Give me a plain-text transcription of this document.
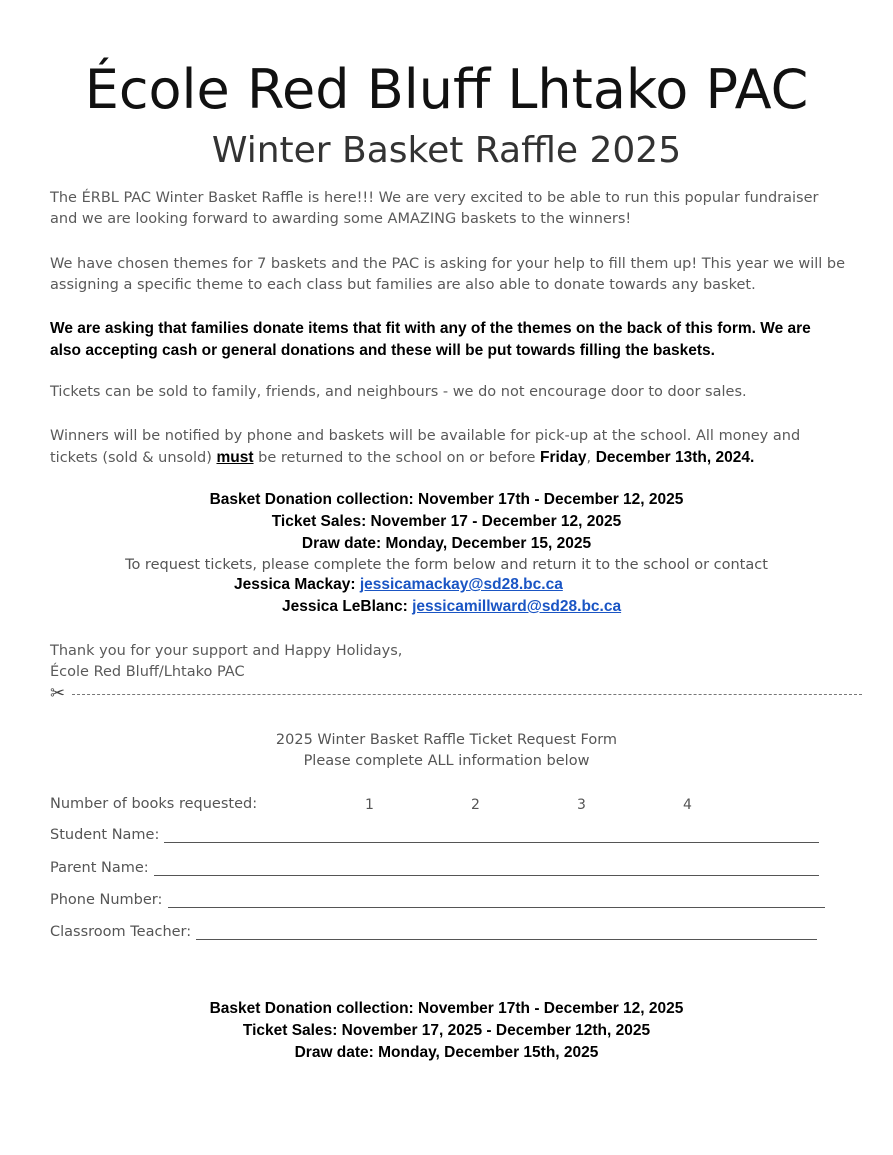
École Red Bluff Lhtako PAC
Winter Basket Raffle 2025

The ÉRBL PAC Winter Basket Raffle is here!!! We are very excited to be able to run this popular fundraiser and we are looking forward to awarding some AMAZING baskets to the winners!

We have chosen themes for 7 baskets and the PAC is asking for your help to fill them up! This year we will be assigning a specific theme to each class but families are also able to donate towards any basket.

We are asking that families donate items that fit with any of the themes on the back of this form. We are also accepting cash or general donations and these will be put towards filling the baskets.

Tickets can be sold to family, friends, and neighbours - we do not encourage door to door sales.

Winners will be notified by phone and baskets will be available for pick-up at the school. All money and tickets (sold & unsold) must be returned to the school on or before Friday, December 13th, 2024.

Basket Donation collection: November 17th - December 12, 2025

Ticket Sales: November 17 - December 12, 2025

Draw date: Monday, December 15, 2025

To request tickets, please complete the form below and return it to the school or contact

Jessica Mackay: jessicamackay@sd28.bc.ca
Jessica LeBlanc: jessicamillward@sd28.bc.ca

Thank you for your support and Happy Holidays,

École Red Bluff/Lhtako PAC

✂

2025 Winter Basket Raffle Ticket Request Form

Please complete ALL information below

Number of books requested:	1	2	3	4
Student Name:
Parent Name:
Phone Number:
Classroom Teacher:

Basket Donation collection: November 17th - December 12, 2025

Ticket Sales: November 17, 2025 - December 12th, 2025

Draw date: Monday, December 15th, 2025
